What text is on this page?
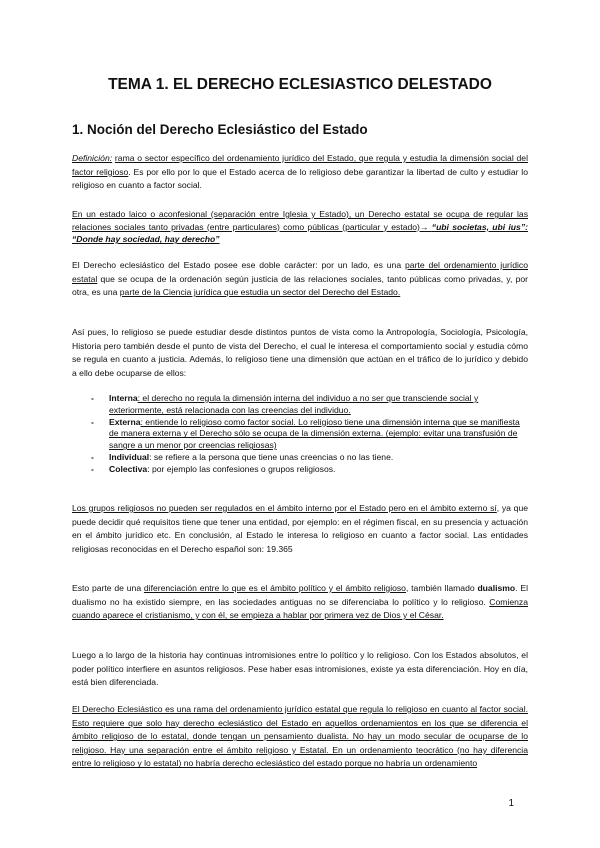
TEMA 1. EL DERECHO ECLESIASTICO DELESTADO
1. Noción del Derecho Eclesiástico del Estado

Definición: rama o sector específico del ordenamiento jurídico del Estado, que regula y estudia la dimensión social del factor religioso. Es por ello por lo que el Estado acerca de lo religioso debe garantizar la libertad de culto y estudiar lo religioso en cuanto a factor social.

En un estado laico o aconfesional (separación entre Iglesia y Estado), un Derecho estatal se ocupa de regular las relaciones sociales tanto privadas (entre particulares) como públicas (particular y estado)→ “ubi societas, ubi ius”: “Donde hay sociedad, hay derecho”

El Derecho eclesiástico del Estado posee ese doble carácter: por un lado, es una parte del ordenamiento jurídico estatal que se ocupa de la ordenación según justicia de las relaciones sociales, tanto públicas como privadas, y, por otra, es una parte de la Ciencia jurídica que estudia un sector del Derecho del Estado.

Así pues, lo religioso se puede estudiar desde distintos puntos de vista como la Antropología, Sociología, Psicología, Historia pero también desde el punto de vista del Derecho, el cual le interesa el comportamiento social y estudia cómo se regula en cuanto a justicia. Además, lo religioso tiene una dimensión que actúan en el tráfico de lo jurídico y debido a ello debe ocuparse de ellos:

- Interna: el derecho no regula la dimensión interna del individuo a no ser que transciende social y exteriormente, está relacionada con las creencias del individuo.
- Externa: entiende lo religioso como factor social. Lo religioso tiene una dimensión interna que se manifiesta de manera externa y el Derecho sólo se ocupa de la dimensión externa. (ejemplo: evitar una transfusión de sangre a un menor por creencias religiosas)
- Individual: se refiere a la persona que tiene unas creencias o no las tiene.
- Colectiva: por ejemplo las confesiones o grupos religiosos.

Los grupos religiosos no pueden ser regulados en el ámbito interno por el Estado pero en el ámbito externo sí, ya que puede decidir qué requisitos tiene que tener una entidad, por ejemplo: en el régimen fiscal, en su presencia y actuación en el ámbito jurídico etc. En conclusión, al Estado le interesa lo religioso en cuanto a factor social. Las entidades religiosas reconocidas en el Derecho español son: 19.365

Esto parte de una diferenciación entre lo que es el ámbito político y el ámbito religioso, también llamado dualismo. El dualismo no ha existido siempre, en las sociedades antiguas no se diferenciaba lo político y lo religioso. Comienza cuando aparece el cristianismo, y con él, se empieza a hablar por primera vez de Dios y el César.

Luego a lo largo de la historia hay continuas intromisiones entre lo político y lo religioso. Con los Estados absolutos, el poder político interfiere en asuntos religiosos. Pese haber esas intromisiones, existe ya esta diferenciación. Hoy en día, está bien diferenciada.

El Derecho Eclesiástico es una rama del ordenamiento jurídico estatal que regula lo religioso en cuanto al factor social. Esto requiere que solo hay derecho eclesiástico del Estado en aquellos ordenamientos en los que se diferencia el ámbito religioso de lo estatal, donde tengan un pensamiento dualista. No hay un modo secular de ocuparse de lo religioso. Hay una separación entre el ámbito religioso y Estatal. En un ordenamiento teocrático (no hay diferencia entre lo religioso y lo estatal) no habría derecho eclesiástico del estado porque no habría un ordenamiento

1
